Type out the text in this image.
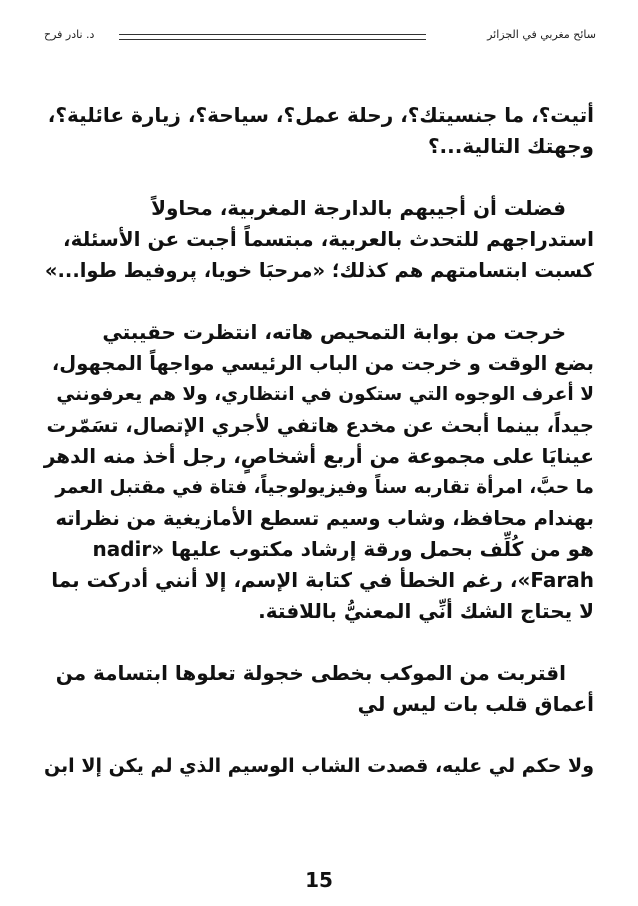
د. نادر فرح	سائح مغربي في الجزائر

أتيت؟، ما جنسيتك؟، رحلة عمل؟، سياحة؟، زيارة عائلية؟،
وجهتك التالية...؟

فضلت أن أجيبهم بالدارجة المغربية، محاولاً
استدراجهم للتحدث بالعربية، مبتسماً أجبت عن الأسئلة،
كسبت ابتسامتهم هم كذلك؛ «مرحبَا خويا، پروفيط طوا...»

خرجت من بوابة التمحيص هاته، انتظرت حقيبتي
بضع الوقت و خرجت من الباب الرئيسي مواجهاً المجهول،
لا أعرف الوجوه التي ستكون في انتظاري، ولا هم يعرفونني
جيداً، بينما أبحث عن مخدع هاتفي لأجري الإتصال، تسَمّرت
عينايَا على مجموعة من أربع أشخاصٍ، رجل أخذ منه الدهر
ما حبَّ، امرأة تقاربه سناً وفيزيولوجياً، فتاة في مقتبل العمر
بهندام محافظ، وشاب وسيم تسطع الأمازيغية من نظراته
هو من كُلِّف بحمل ورقة إرشاد مكتوب عليها «nadir
Farah»، رغم الخطأ في كتابة الإسم، إلا أنني أدركت بما
لا يحتاج الشك أنِّي المعنيُّ باللافتة.

اقتربت من الموكب بخطى خجولة تعلوها ابتسامة من
أعماق قلب بات ليس لي

ولا حكم لي عليه، قصدت الشاب الوسيم الذي لم يكن إلا ابن

15
